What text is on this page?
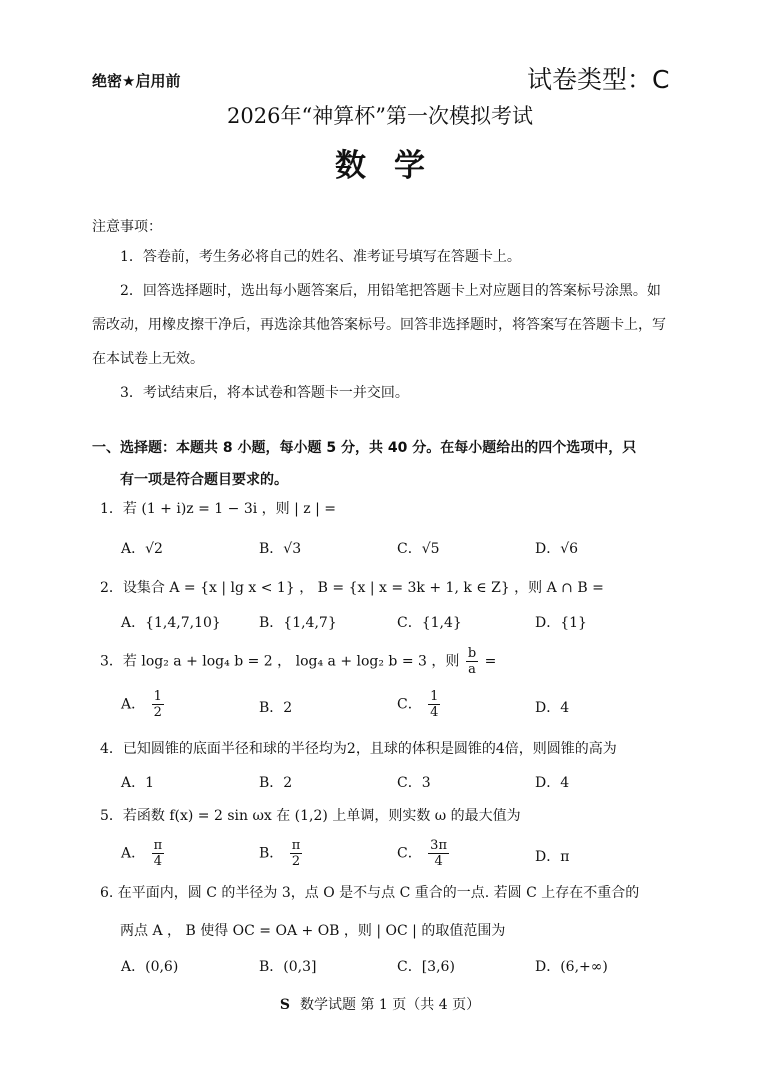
绝密★启用前	试卷类型：C
2026年“神算杯”第一次模拟考试
数学
注意事项：
1．答卷前，考生务必将自己的姓名、准考证号填写在答题卡上。
2．回答选择题时，选出每小题答案后，用铅笔把答题卡上对应题目的答案标号涂黑。如需改动，用橡皮擦干净后，再选涂其他答案标号。回答非选择题时，将答案写在答题卡上，写在本试卷上无效。
3．考试结束后，将本试卷和答题卡一并交回。
一、选择题：本题共 8 小题，每小题 5 分，共 40 分。在每小题给出的四个选项中，只
有一项是符合题目要求的。
1．若 (1 + i)z = 1 − 3i ，则 | z | =
A．√2	B．√3	C．√5	D．√6
2．设集合 A = {x | lg x < 1} ， B = {x | x = 3k + 1, k ∈ Z} ，则 A ∩ B =
A．{1,4,7,10}	B．{1,4,7}	C．{1,4}	D．{1}
3．若 log₂ a + log₄ b = 2 ， log₄ a + log₂ b = 3 ，则 $\frac{b}{a}$ =
A． $\frac{1}{2}$	B．2	C． $\frac{1}{4}$	D．4
4．已知圆锥的底面半径和球的半径均为2，且球的体积是圆锥的4倍，则圆锥的高为
A．1	B．2	C．3	D．4
5．若函数 f(x) = 2 sin ωx 在 (1,2) 上单调，则实数 ω 的最大值为
A． $\frac{\pi}{4}$	B． $\frac{\pi}{2}$	C． $\frac{3\pi}{4}$	D．π
6. 在平面内，圆 C 的半径为 3，点 O 是不与点 C 重合的一点. 若圆 C 上存在不重合的
两点 A ， B 使得 OC = OA + OB ，则 | OC | 的取值范围为
A．(0,6)	B．(0,3]	C．[3,6)	D．(6,+∞)
S 数学试题 第 1 页（共 4 页）
